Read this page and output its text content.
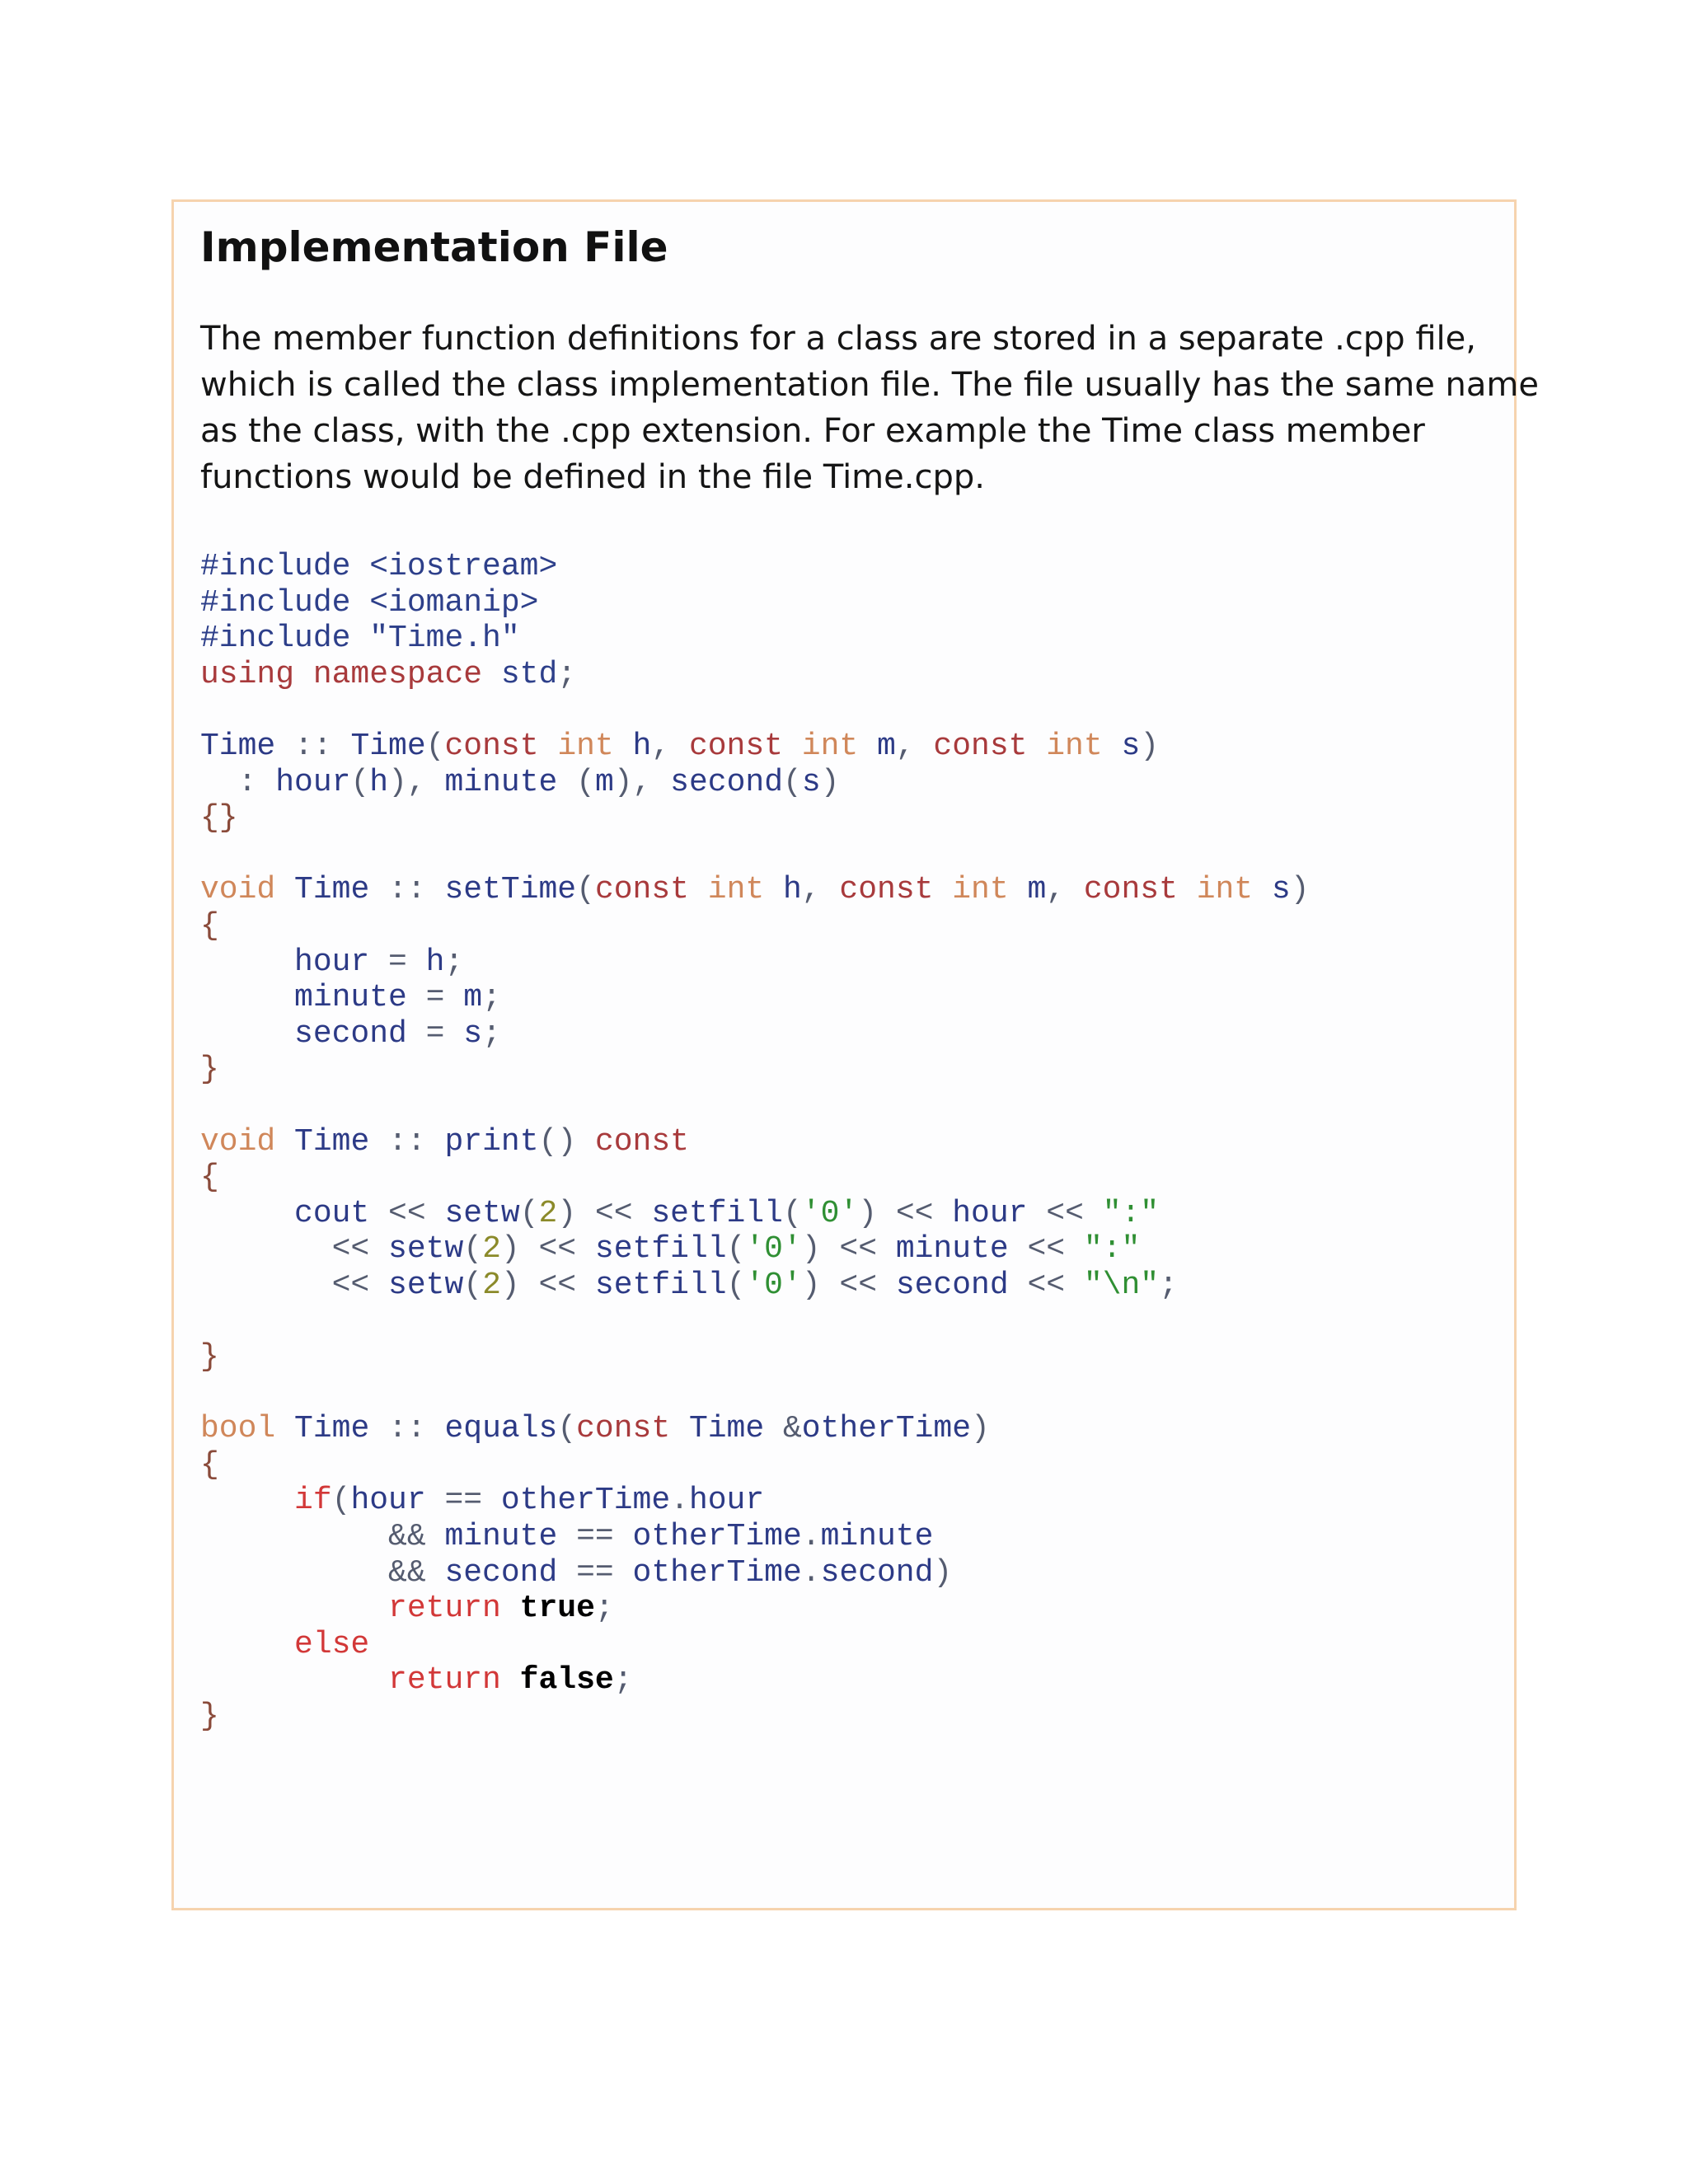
Implementation File

The member function definitions for a class are stored in a separate .cpp file,
which is called the class implementation file. The file usually has the same name
as the class, with the .cpp extension. For example the Time class member
functions would be defined in the file Time.cpp.

#include <iostream>
#include <iomanip>
#include "Time.h"
using namespace std;
Time :: Time(const int h, const int m, const int s)
: hour(h), minute (m), second(s)
{}
void Time :: setTime(const int h, const int m, const int s)
{
hour = h;
minute = m;
second = s;
}
void Time :: print() const
{
cout << setw(2) << setfill('0') << hour << ":"
<< setw(2) << setfill('0') << minute << ":"
<< setw(2) << setfill('0') << second << "\n";
}
bool Time :: equals(const Time &otherTime)
{
if(hour == otherTime.hour
&& minute == otherTime.minute
&& second == otherTime.second)
return true;
else
return false;
}
